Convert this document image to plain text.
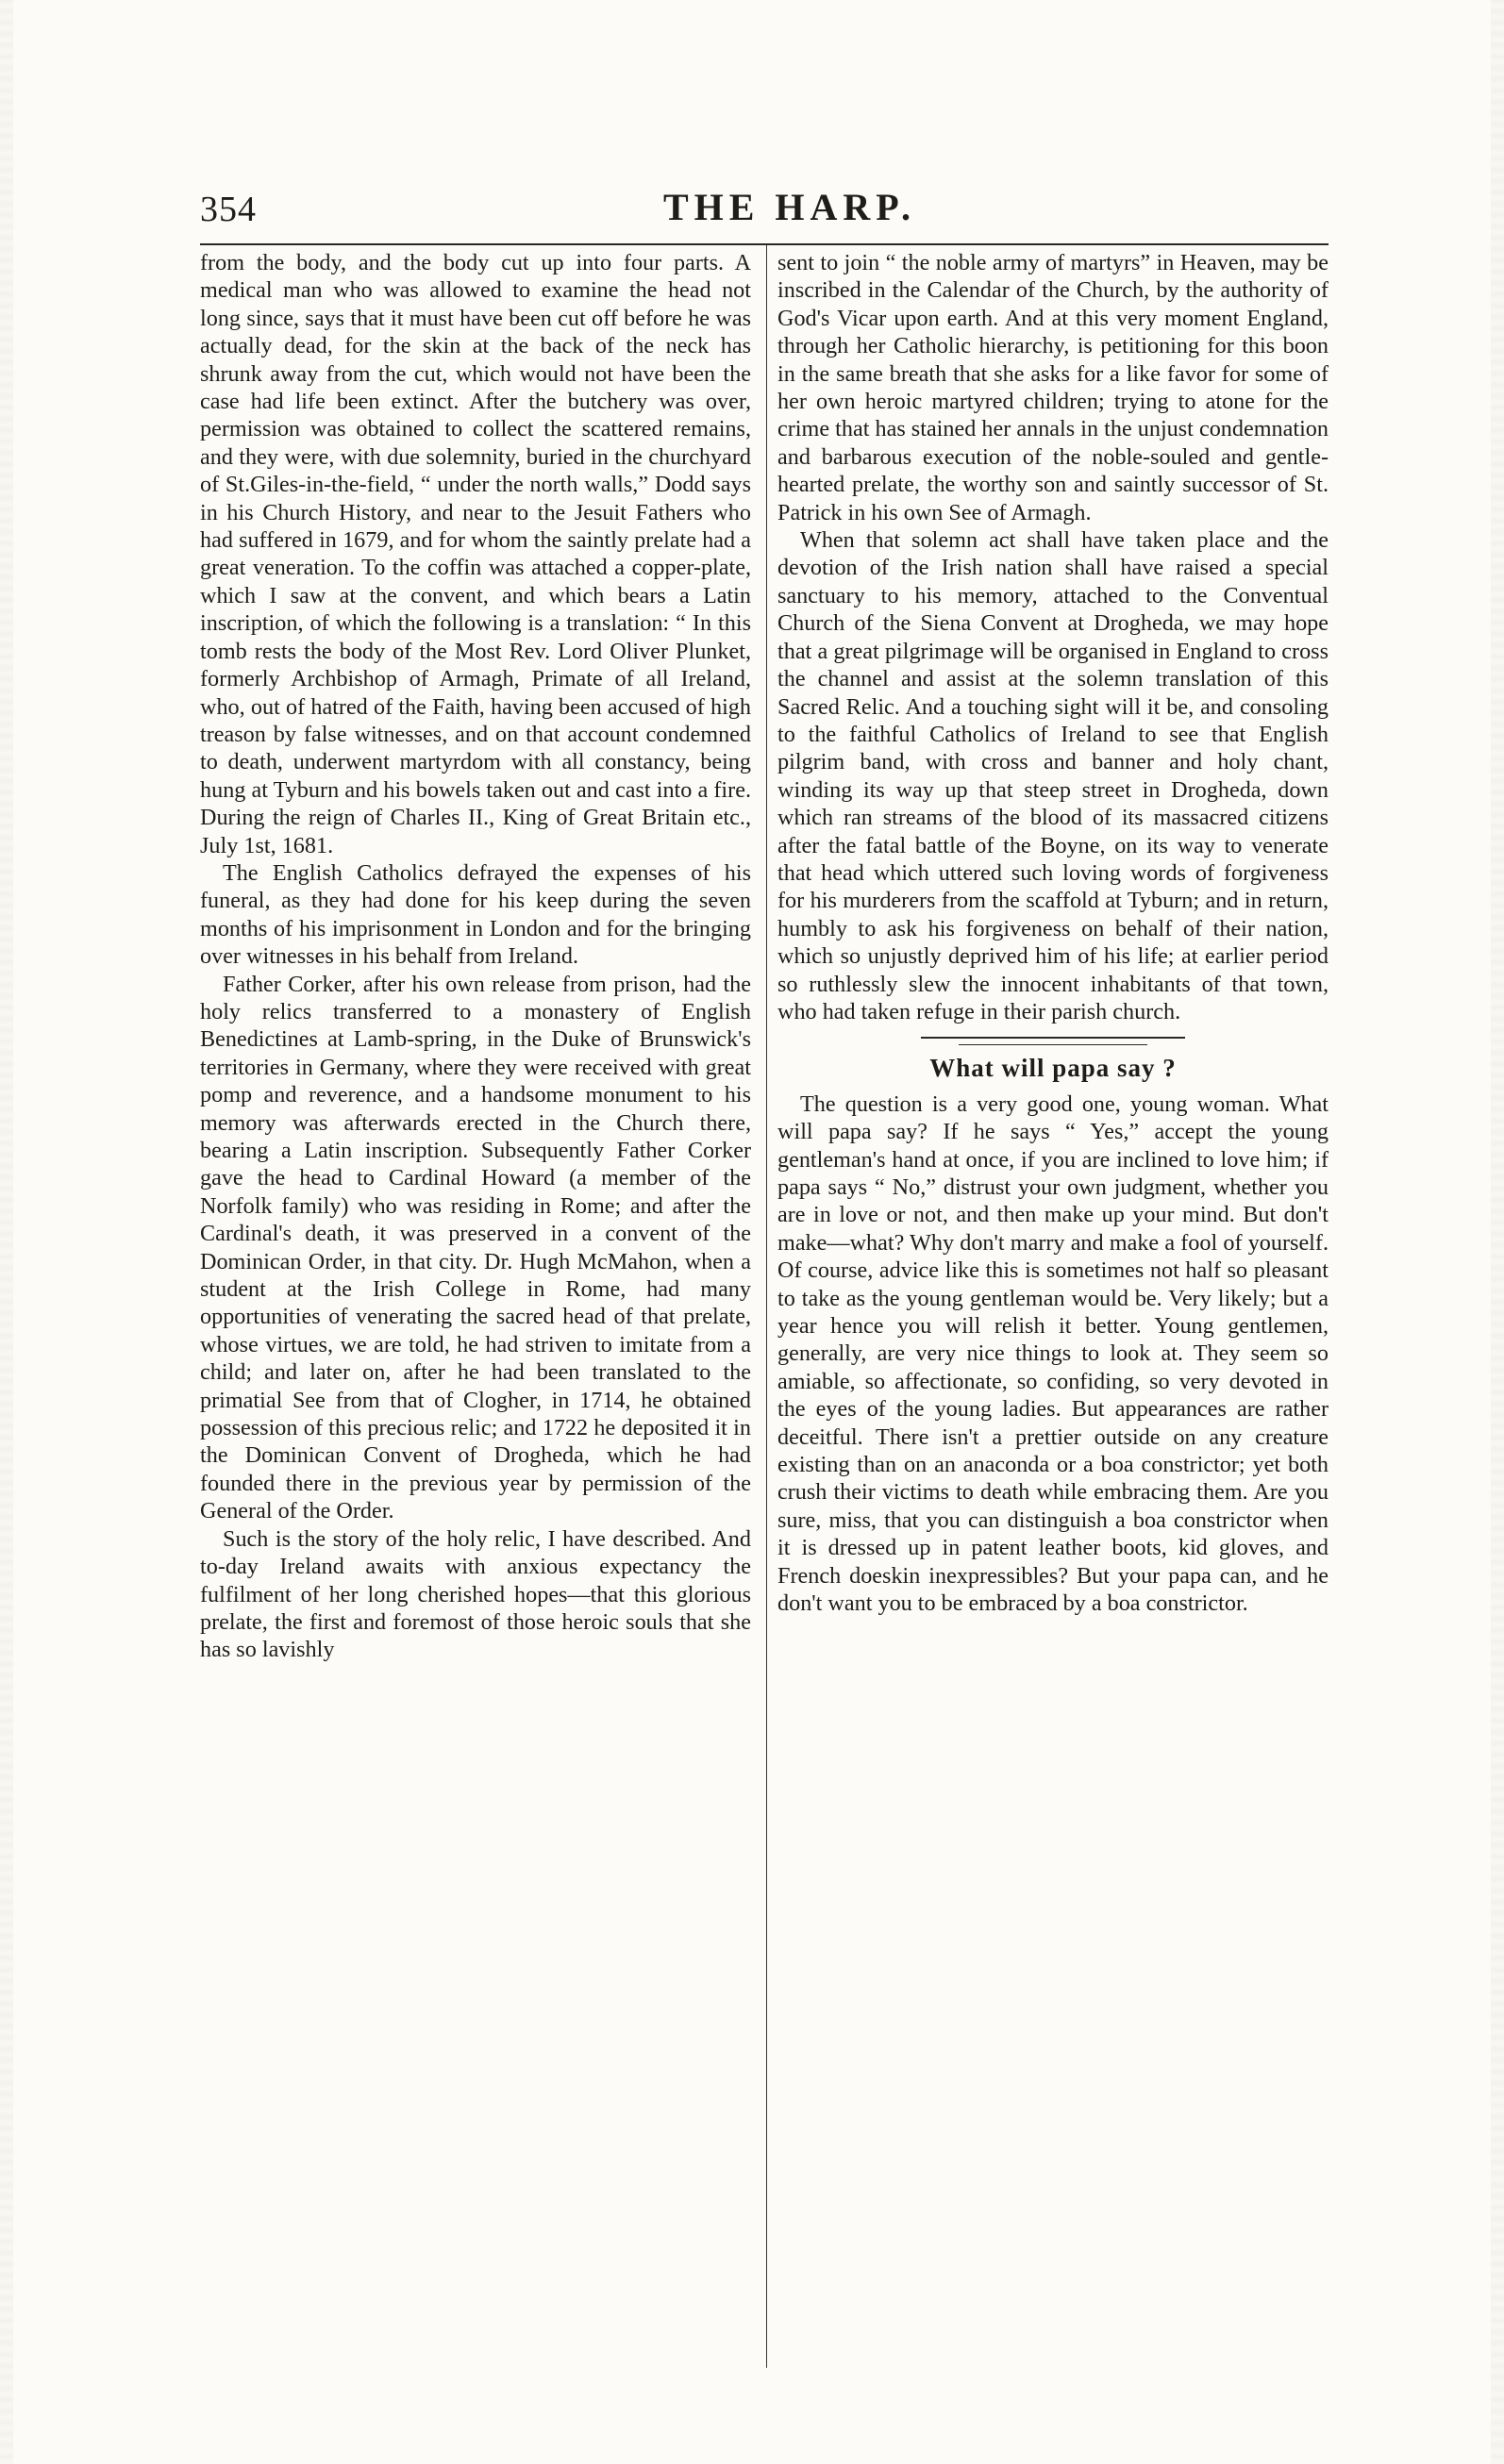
354	THE HARP.

from the body, and the body cut up into four parts. A medical man who was allowed to examine the head not long since, says that it must have been cut off before he was actually dead, for the skin at the back of the neck has shrunk away from the cut, which would not have been the case had life been extinct. After the butchery was over, permission was obtained to collect the scattered remains, and they were, with due solemnity, buried in the churchyard of St.Giles-in-the-field, “ under the north walls,” Dodd says in his Church History, and near to the Jesuit Fathers who had suffered in 1679, and for whom the saintly prelate had a great veneration. To the coffin was attached a copper-plate, which I saw at the convent, and which bears a Latin inscription, of which the following is a translation: “ In this tomb rests the body of the Most Rev. Lord Oliver Plunket, formerly Archbishop of Armagh, Primate of all Ireland, who, out of hatred of the Faith, having been accused of high treason by false witnesses, and on that account condemned to death, underwent martyrdom with all constancy, being hung at Tyburn and his bowels taken out and cast into a fire. During the reign of Charles II., King of Great Britain etc., July 1st, 1681.

The English Catholics defrayed the expenses of his funeral, as they had done for his keep during the seven months of his imprisonment in London and for the bringing over witnesses in his behalf from Ireland.

Father Corker, after his own release from prison, had the holy relics transferred to a monastery of English Benedictines at Lamb-spring, in the Duke of Brunswick's territories in Germany, where they were received with great pomp and reverence, and a handsome monument to his memory was afterwards erected in the Church there, bearing a Latin inscription. Subsequently Father Corker gave the head to Cardinal Howard (a member of the Norfolk family) who was residing in Rome; and after the Cardinal's death, it was preserved in a convent of the Dominican Order, in that city. Dr. Hugh McMahon, when a student at the Irish College in Rome, had many opportunities of venerating the sacred head of that prelate, whose virtues, we are told, he had striven to imitate from a child; and later on, after he had been translated to the primatial See from that of Clogher, in 1714, he obtained possession of this precious relic; and 1722 he deposited it in the Dominican Convent of Drogheda, which he had founded there in the previous year by permission of the General of the Order.

Such is the story of the holy relic, I have described. And to-day Ireland awaits with anxious expectancy the fulfilment of her long cherished hopes—that this glorious prelate, the first and foremost of those heroic souls that she has so lavishly

sent to join “ the noble army of martyrs” in Heaven, may be inscribed in the Calendar of the Church, by the authority of God's Vicar upon earth. And at this very moment England, through her Catholic hierarchy, is petitioning for this boon in the same breath that she asks for a like favor for some of her own heroic martyred children; trying to atone for the crime that has stained her annals in the unjust condemnation and barbarous execution of the noble-souled and gentle-hearted prelate, the worthy son and saintly successor of St. Patrick in his own See of Armagh.

When that solemn act shall have taken place and the devotion of the Irish nation shall have raised a special sanctuary to his memory, attached to the Conventual Church of the Siena Convent at Drogheda, we may hope that a great pilgrimage will be organised in England to cross the channel and assist at the solemn translation of this Sacred Relic. And a touching sight will it be, and consoling to the faithful Catholics of Ireland to see that English pilgrim band, with cross and banner and holy chant, winding its way up that steep street in Drogheda, down which ran streams of the blood of its massacred citizens after the fatal battle of the Boyne, on its way to venerate that head which uttered such loving words of forgiveness for his murderers from the scaffold at Tyburn; and in return, humbly to ask his forgiveness on behalf of their nation, which so unjustly deprived him of his life; at earlier period so ruthlessly slew the innocent inhabitants of that town, who had taken refuge in their parish church.

What will papa say ?

The question is a very good one, young woman. What will papa say? If he says “ Yes,” accept the young gentleman's hand at once, if you are inclined to love him; if papa says “ No,” distrust your own judgment, whether you are in love or not, and then make up your mind. But don't make—what? Why don't marry and make a fool of yourself. Of course, advice like this is sometimes not half so pleasant to take as the young gentleman would be. Very likely; but a year hence you will relish it better. Young gentlemen, generally, are very nice things to look at. They seem so amiable, so affectionate, so confiding, so very devoted in the eyes of the young ladies. But appearances are rather deceitful. There isn't a prettier outside on any creature existing than on an anaconda or a boa constrictor; yet both crush their victims to death while embracing them. Are you sure, miss, that you can distinguish a boa constrictor when it is dressed up in patent leather boots, kid gloves, and French doeskin inexpressibles? But your papa can, and he don't want you to be embraced by a boa constrictor.
